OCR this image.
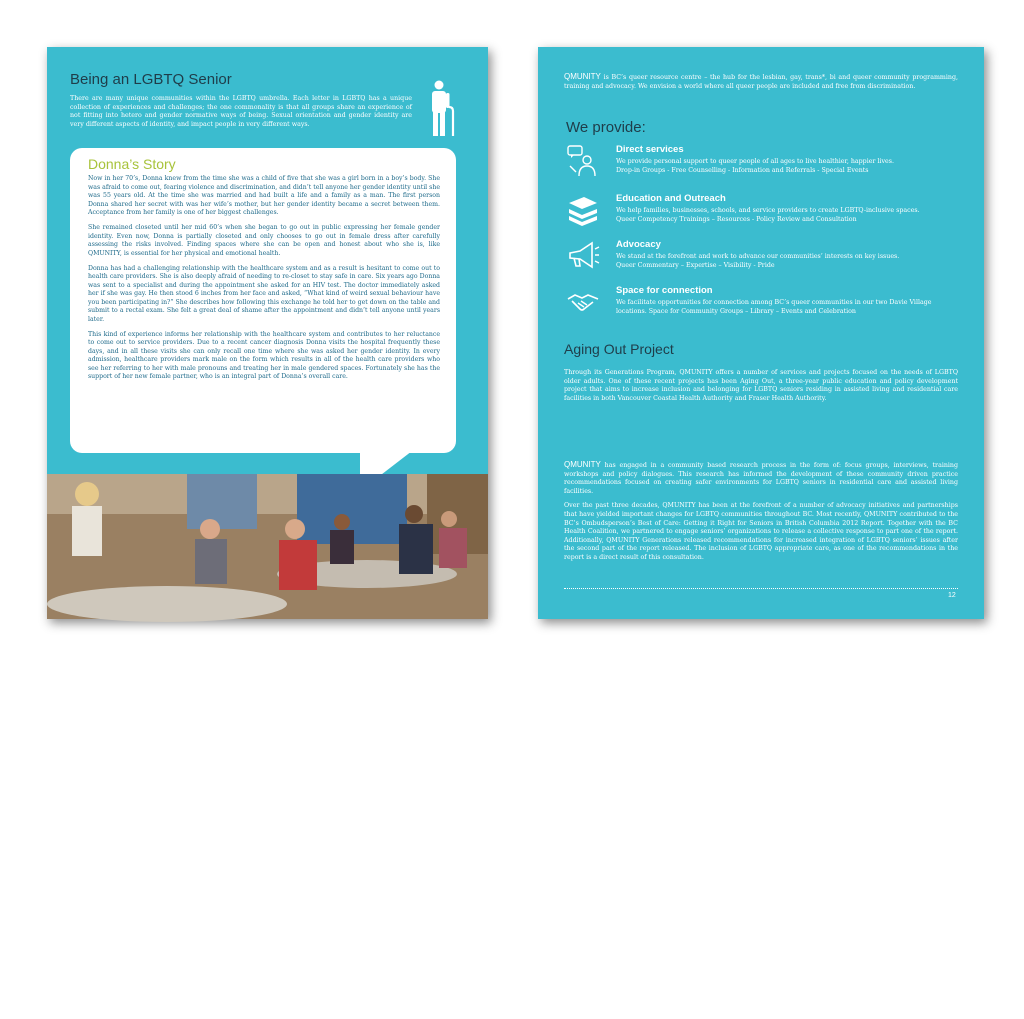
Being an LGBTQ Senior
There are many unique communities within the LGBTQ umbrella. Each letter in LGBTQ has a unique collection of experiences and challenges; the one commonality is that all groups share an experience of not fitting into hetero and gender normative ways of being. Sexual orientation and gender identity are very different aspects of identity, and impact people in very different ways.
Donna’s Story

Now in her 70’s, Donna knew from the time she was a child of five that she was a girl born in a boy’s body. She was afraid to come out, fearing violence and discrimination, and didn’t tell anyone her gender identity until she was 55 years old. At the time she was married and had built a life and a family as a man. The first person Donna shared her secret with was her wife’s mother, but her gender identity became a secret between them. Acceptance from her family is one of her biggest challenges.

She remained closeted until her mid 60’s when she began to go out in public expressing her female gender identity. Even now, Donna is partially closeted and only chooses to go out in female dress after carefully assessing the risks involved. Finding spaces where she can be open and honest about who she is, like QMUNITY, is essential for her physical and emotional health.

Donna has had a challenging relationship with the healthcare system and as a result is hesitant to come out to health care providers. She is also deeply afraid of needing to re-closet to stay safe in care. Six years ago Donna was sent to a specialist and during the appointment she asked for an HIV test. The doctor immediately asked her if she was gay. He then stood 6 inches from her face and asked, “What kind of weird sexual behaviour have you been participating in?” She describes how following this exchange he told her to get down on the table and submit to a rectal exam. She felt a great deal of shame after the appointment and didn’t tell anyone until years later.

This kind of experience informs her relationship with the healthcare system and contributes to her reluctance to come out to service providers. Due to a recent cancer diagnosis Donna visits the hospital frequently these days, and in all these visits she can only recall one time where she was asked her gender identity. In every admission, healthcare providers mark male on the form which results in all of the health care providers who see her referring to her with male pronouns and treating her in male gendered spaces. Fortunately she has the support of her new female partner, who is an integral part of Donna’s overall care.

6
QMUNITY is BC’s queer resource centre – the hub for the lesbian, gay, trans*, bi and queer community programming, training and advocacy. We envision a world where all queer people are included and free from discrimination.
We provide:
Direct services
We provide personal support to queer people of all ages to live healthier, happier lives.
Drop-in Groups - Free Counselling - Information and Referrals - Special Events
Education and Outreach
We help families, businesses, schools, and service providers to create LGBTQ-inclusive spaces.
Queer Competency Trainings – Resources - Policy Review and Consultation
Advocacy
We stand at the forefront and work to advance our communities’ interests on key issues.
Queer Commentary – Expertise – Visibility - Pride
Space for connection
We facilitate opportunities for connection among BC’s queer communities in our two Davie Village locations. Space for Community Groups – Library – Events and Celebration
Aging Out Project
Through its Generations Program, QMUNITY offers a number of services and projects focused on the needs of LGBTQ older adults. One of these recent projects has been Aging Out, a three-year public education and policy development project that aims to increase inclusion and belonging for LGBTQ seniors residing in assisted living and residential care facilities in both Vancouver Coastal Health Authority and Fraser Health Authority.

QMUNITY has engaged in a community based research process in the form of: focus groups, interviews, training workshops and policy dialogues. This research has informed the development of these community driven practice recommendations focused on creating safer environments for LGBTQ seniors in residential care and assisted living facilities.

Over the past three decades, QMUNITY has been at the forefront of a number of advocacy initiatives and partnerships that have yielded important changes for LGBTQ communities throughout BC. Most recently, QMUNITY contributed to the BC’s Ombudsperson’s Best of Care: Getting it Right for Seniors in British Columbia 2012 Report. Together with the BC Health Coalition, we partnered to engage seniors’ organizations to release a collective response to part one of the report. Additionally, QMUNITY Generations released recommendations for increased integration of LGBTQ seniors’ issues after the second part of the report released. The inclusion of LGBTQ appropriate care, as one of the recommendations in the report is a direct result of this consultation.

12
